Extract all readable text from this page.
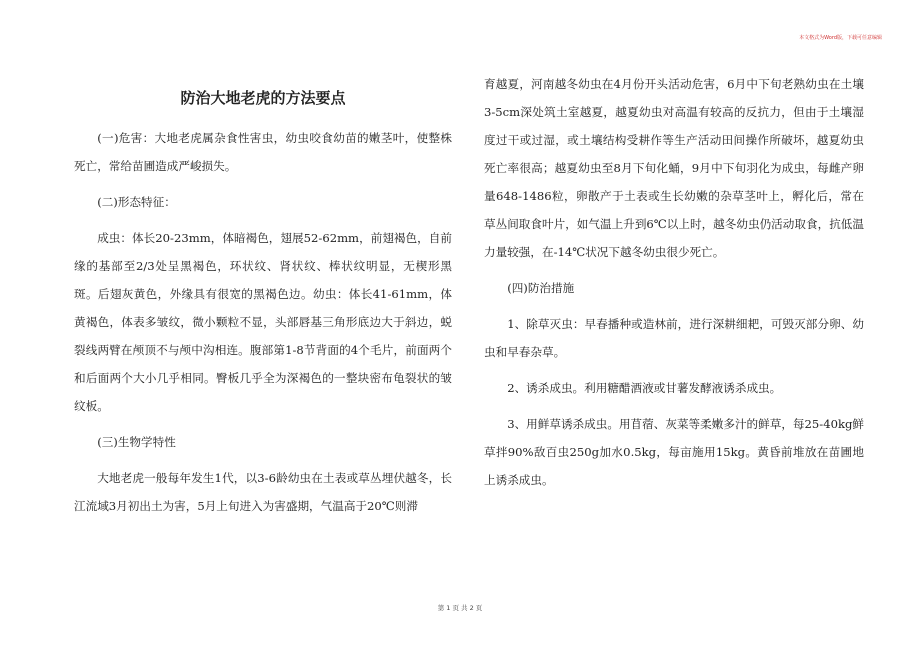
本文格式为Word版，下载可任意编辑
防治大地老虎的方法要点

(一)危害：大地老虎属杂食性害虫，幼虫咬食幼苗的嫩茎叶，使整株死亡，常给苗圃造成严峻损失。

(二)形态特征：

成虫：体长20-23mm，体暗褐色，翅展52-62mm，前翅褐色，自前缘的基部至2/3处呈黑褐色，环状纹、肾状纹、棒状纹明显，无楔形黑斑。后翅灰黄色，外缘具有很宽的黑褐色边。幼虫：体长41-61mm，体黄褐色，体表多皱纹，微小颗粒不显，头部唇基三角形底边大于斜边，蜕裂线两臂在颅顶不与颅中沟相连。腹部第1-8节背面的4个毛片，前面两个和后面两个大小几乎相同。臀板几乎全为深褐色的一整块密布龟裂状的皱纹板。

(三)生物学特性

大地老虎一般每年发生1代，以3-6龄幼虫在土表或草丛埋伏越冬，长江流域3月初出土为害，5月上旬进入为害盛期，气温高于20℃则滞

育越夏，河南越冬幼虫在4月份开头活动危害，6月中下旬老熟幼虫在土壤3-5cm深处筑土室越夏，越夏幼虫对高温有较高的反抗力，但由于土壤湿度过干或过湿，或土壤结构受耕作等生产活动田间操作所破坏，越夏幼虫死亡率很高；越夏幼虫至8月下旬化蛹，9月中下旬羽化为成虫，每雌产卵量648-1486粒，卵散产于土表或生长幼嫩的杂草茎叶上，孵化后，常在草丛间取食叶片，如气温上升到6℃以上时，越冬幼虫仍活动取食，抗低温力量较强，在-14℃状况下越冬幼虫很少死亡。

(四)防治措施

1、除草灭虫：早春播种或造林前，进行深耕细耙，可毁灭部分卵、幼虫和早春杂草。

2、诱杀成虫。利用糖醋酒液或甘薯发酵液诱杀成虫。

3、用鲜草诱杀成虫。用苜蓿、灰菜等柔嫩多汁的鲜草，每25-40kg鲜草拌90%敌百虫250g加水0.5kg，每亩施用15kg。黄昏前堆放在苗圃地上诱杀成虫。

第 1 页 共 2 页
